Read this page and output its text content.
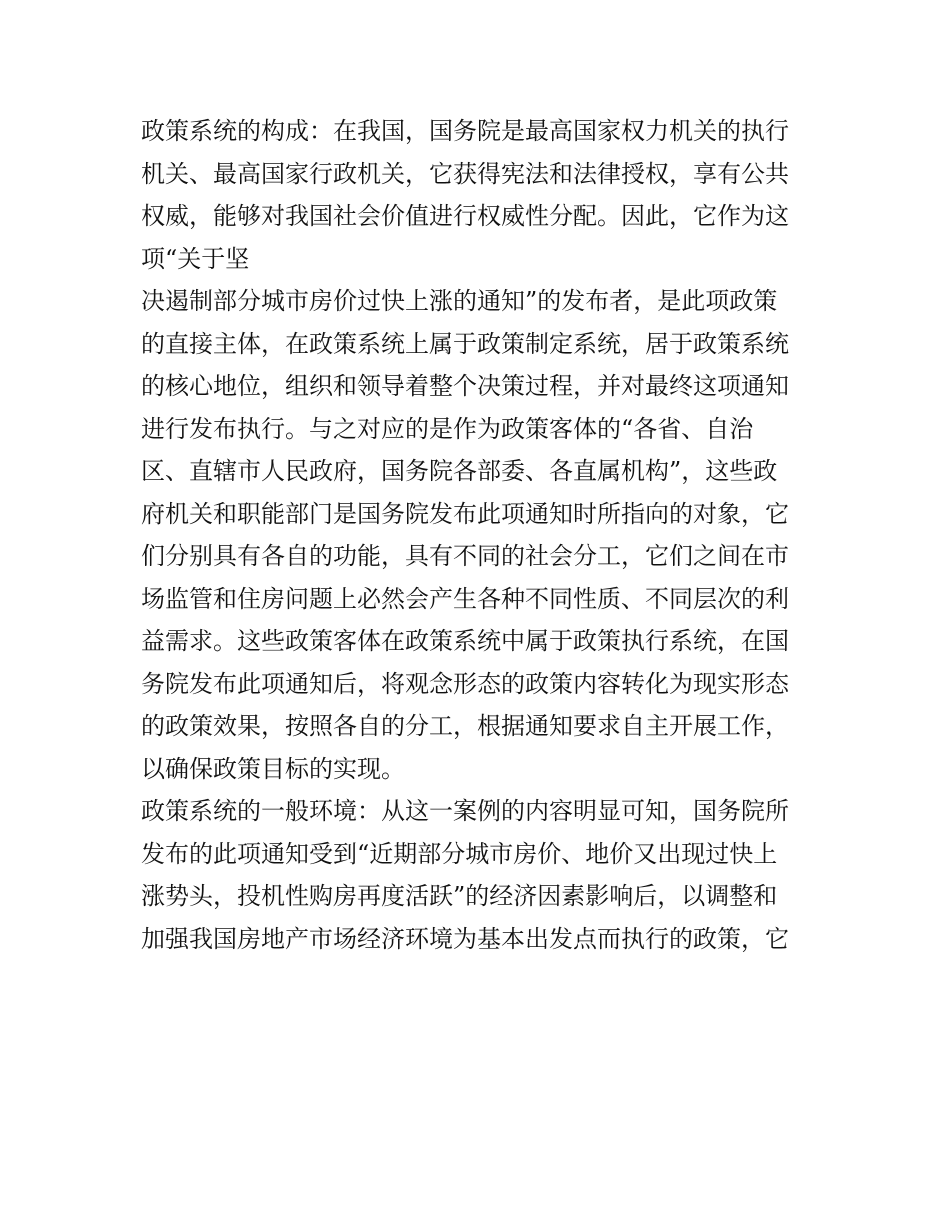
政策系统的构成：在我国，国务院是最高国家权力机关的执行
机关、最高国家行政机关，它获得宪法和法律授权，享有公共
权威，能够对我国社会价值进行权威性分配。因此，它作为这
项“关于坚
决遏制部分城市房价过快上涨的通知”的发布者，是此项政策
的直接主体，在政策系统上属于政策制定系统，居于政策系统
的核心地位，组织和领导着整个决策过程，并对最终这项通知
进行发布执行。与之对应的是作为政策客体的“各省、自治
区、直辖市人民政府，国务院各部委、各直属机构”，这些政
府机关和职能部门是国务院发布此项通知时所指向的对象，它
们分别具有各自的功能，具有不同的社会分工，它们之间在市
场监管和住房问题上必然会产生各种不同性质、不同层次的利
益需求。这些政策客体在政策系统中属于政策执行系统，在国
务院发布此项通知后，将观念形态的政策内容转化为现实形态
的政策效果，按照各自的分工，根据通知要求自主开展工作，
以确保政策目标的实现。
政策系统的一般环境：从这一案例的内容明显可知，国务院所
发布的此项通知受到“近期部分城市房价、地价又出现过快上
涨势头，投机性购房再度活跃”的经济因素影响后，以调整和
加强我国房地产市场经济环境为基本出发点而执行的政策，它
